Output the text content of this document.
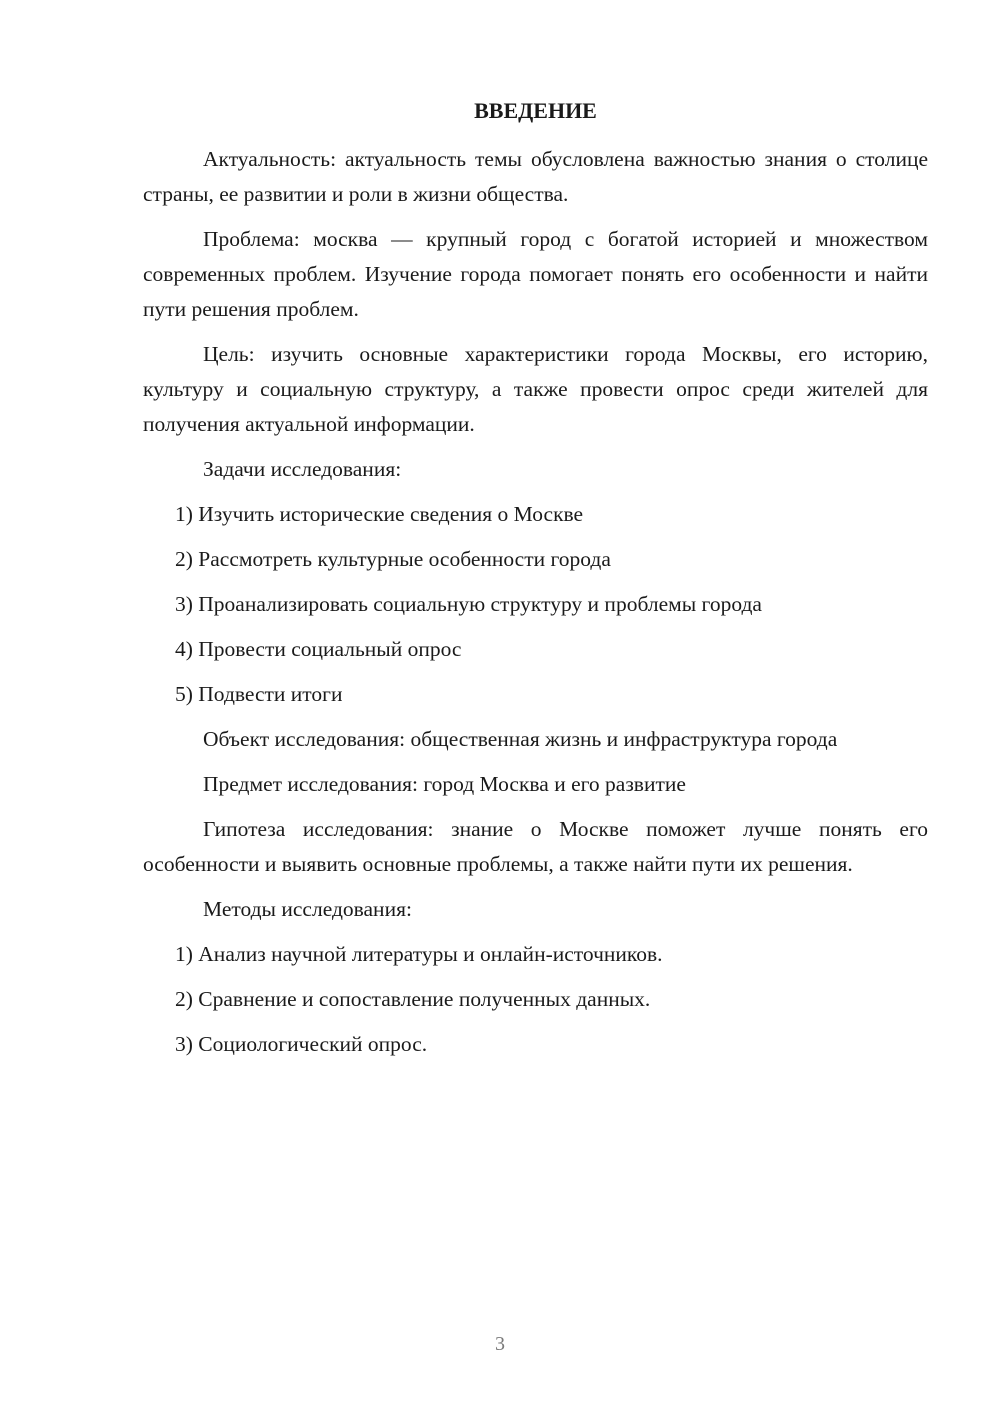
ВВЕДЕНИЕ

Актуальность: актуальность темы обусловлена важностью знания о столице страны, ее развитии и роли в жизни общества.

Проблема: москва — крупный город с богатой историей и множеством современных проблем. Изучение города помогает понять его особенности и найти пути решения проблем.

Цель: изучить основные характеристики города Москвы, его историю, культуру и социальную структуру, а также провести опрос среди жителей для получения актуальной информации.

Задачи исследования:

1) Изучить исторические сведения о Москве
2) Рассмотреть культурные особенности города
3) Проанализировать социальную структуру и проблемы города
4) Провести социальный опрос
5) Подвести итоги

Объект исследования: общественная жизнь и инфраструктура города

Предмет исследования: город Москва и его развитие

Гипотеза исследования: знание о Москве поможет лучше понять его особенности и выявить основные проблемы, а также найти пути их решения.

Методы исследования:

1) Анализ научной литературы и онлайн-источников.
2) Сравнение и сопоставление полученных данных.
3) Социологический опрос.
3
